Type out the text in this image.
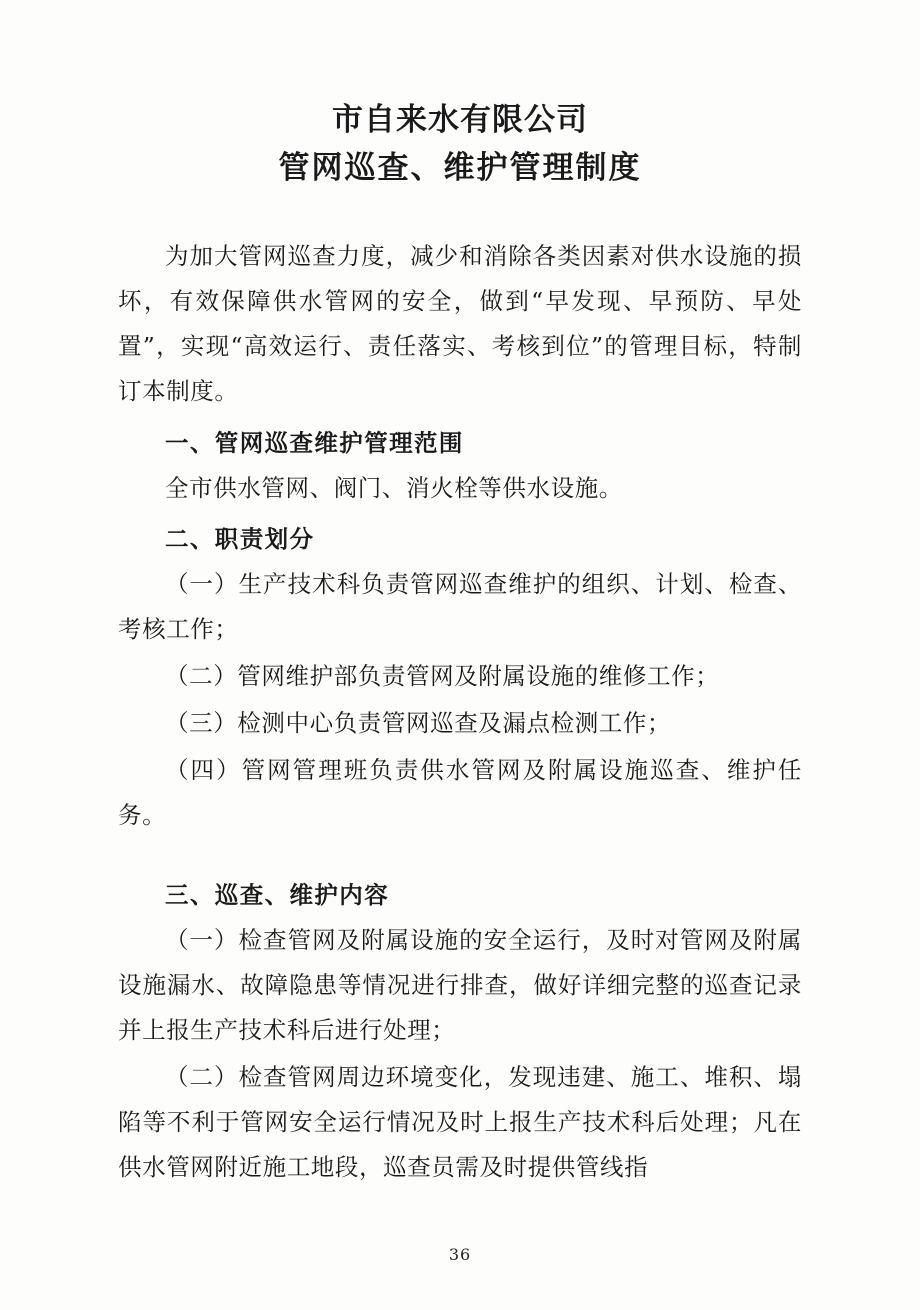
市自来水有限公司
管网巡查、维护管理制度

为加大管网巡查力度，减少和消除各类因素对供水设施的损坏，有效保障供水管网的安全，做到“早发现、早预防、早处置”，实现“高效运行、责任落实、考核到位”的管理目标，特制订本制度。

一、管网巡查维护管理范围

全市供水管网、阀门、消火栓等供水设施。

二、职责划分

（一）生产技术科负责管网巡查维护的组织、计划、检查、考核工作；

（二）管网维护部负责管网及附属设施的维修工作；

（三）检测中心负责管网巡查及漏点检测工作；

（四）管网管理班负责供水管网及附属设施巡查、维护任务。

三、巡查、维护内容

（一）检查管网及附属设施的安全运行，及时对管网及附属设施漏水、故障隐患等情况进行排查，做好详细完整的巡查记录并上报生产技术科后进行处理；

（二）检查管网周边环境变化，发现违建、施工、堆积、塌陷等不利于管网安全运行情况及时上报生产技术科后处理；凡在供水管网附近施工地段，巡查员需及时提供管线指

36
